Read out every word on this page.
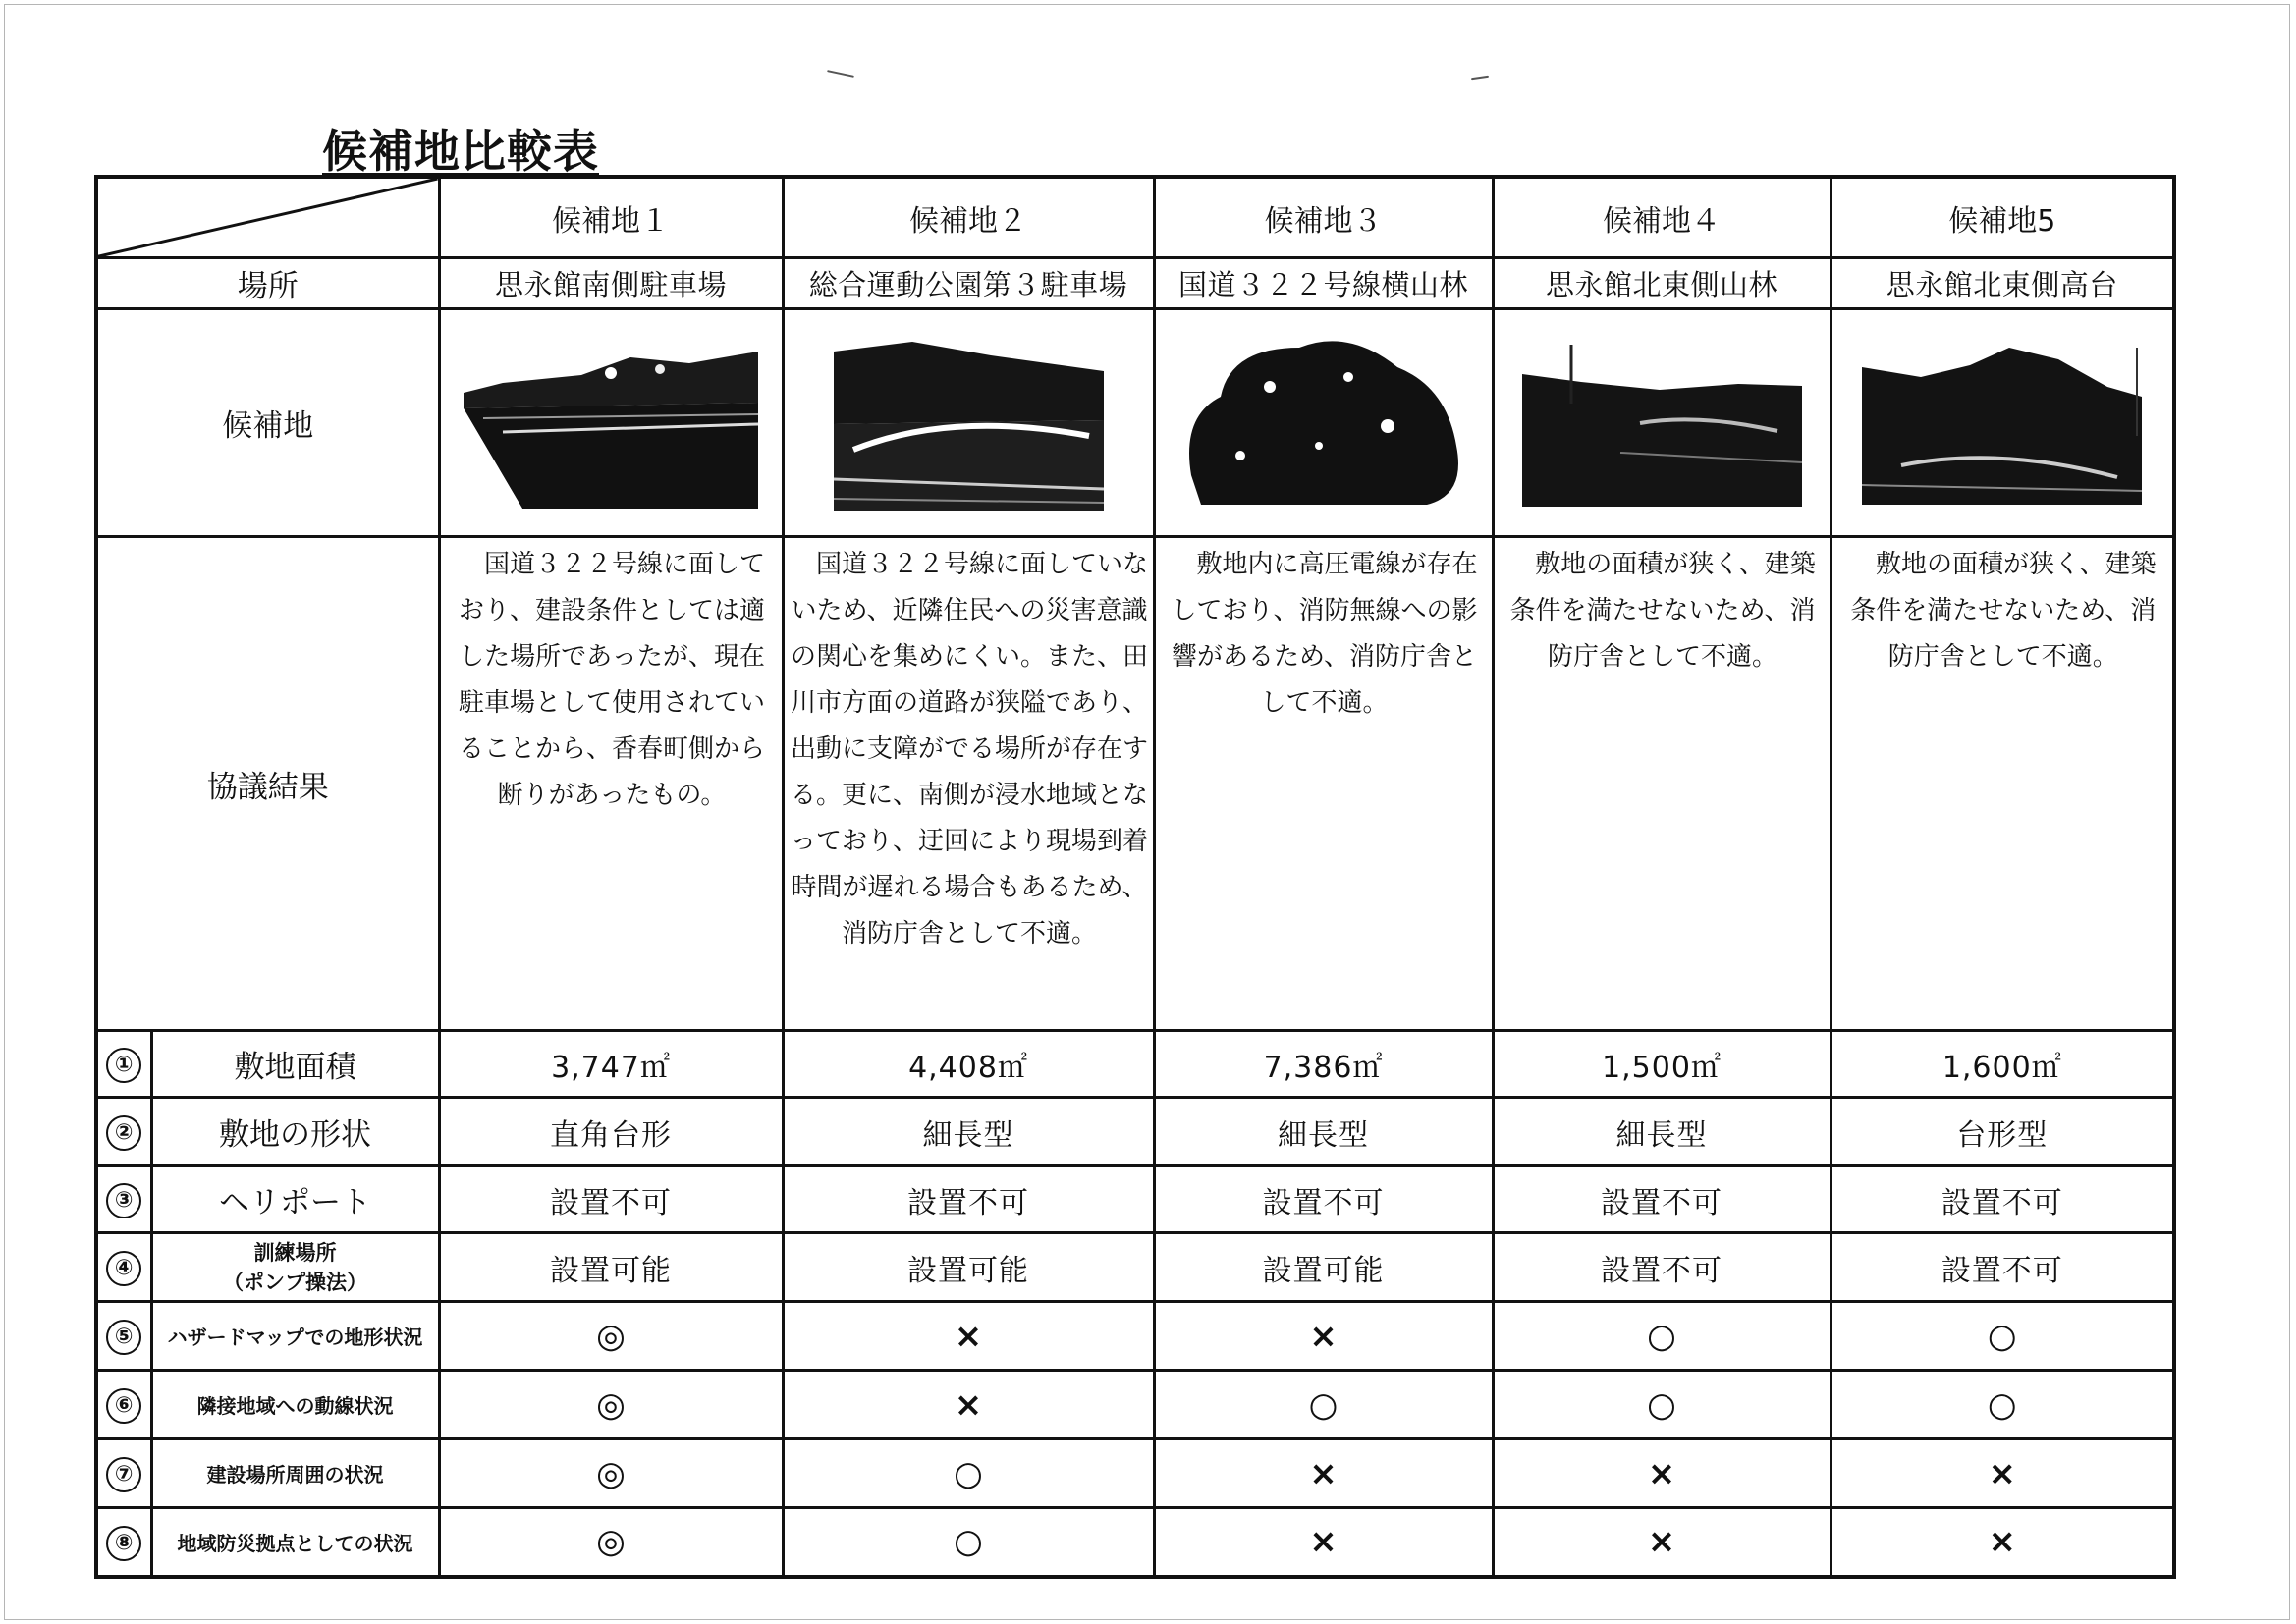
候補地比較表
	候補地１	候補地２	候補地３	候補地４	候補地5
場所		思永館南側駐車場	総合運動公園第３駐車場	国道３２２号線横山林	思永館北東側山林	思永館北東側高台
候補地	

協議結果		国道３２２号線に面しており、建設条件としては適した場所であったが、現在駐車場として使用されていることから、香春町側から断りがあったもの。	国道３２２号線に面していないため、近隣住民への災害意識の関心を集めにくい。また、田川市方面の道路が狭隘であり、出動に支障がでる場所が存在する。更に、南側が浸水地域となっており、迂回により現場到着時間が遅れる場合もあるため、消防庁舎として不適。	敷地内に高圧電線が存在しており、消防無線への影響があるため、消防庁舎として不適。	敷地の面積が狭く、建築条件を満たせないため、消防庁舎として不適。	敷地の面積が狭く、建築条件を満たせないため、消防庁舎として不適。
①	敷地面積	3,747㎡	4,408㎡	7,386㎡	1,500㎡	1,600㎡
②	敷地の形状	直角台形	細長型	細長型	細長型	台形型
③	ヘリポート	設置不可	設置不可	設置不可	設置不可	設置不可
④	訓練場所
（ポンプ操法）	設置可能	設置可能	設置可能	設置不可	設置不可
⑤	ハザードマップでの地形状況	◎	×	×	○	○
⑥	隣接地域への動線状況	◎	×	○	○	○
⑦	建設場所周囲の状況	◎	○	×	×	×
⑧	地域防災拠点としての状況	◎	○	×	×	×
